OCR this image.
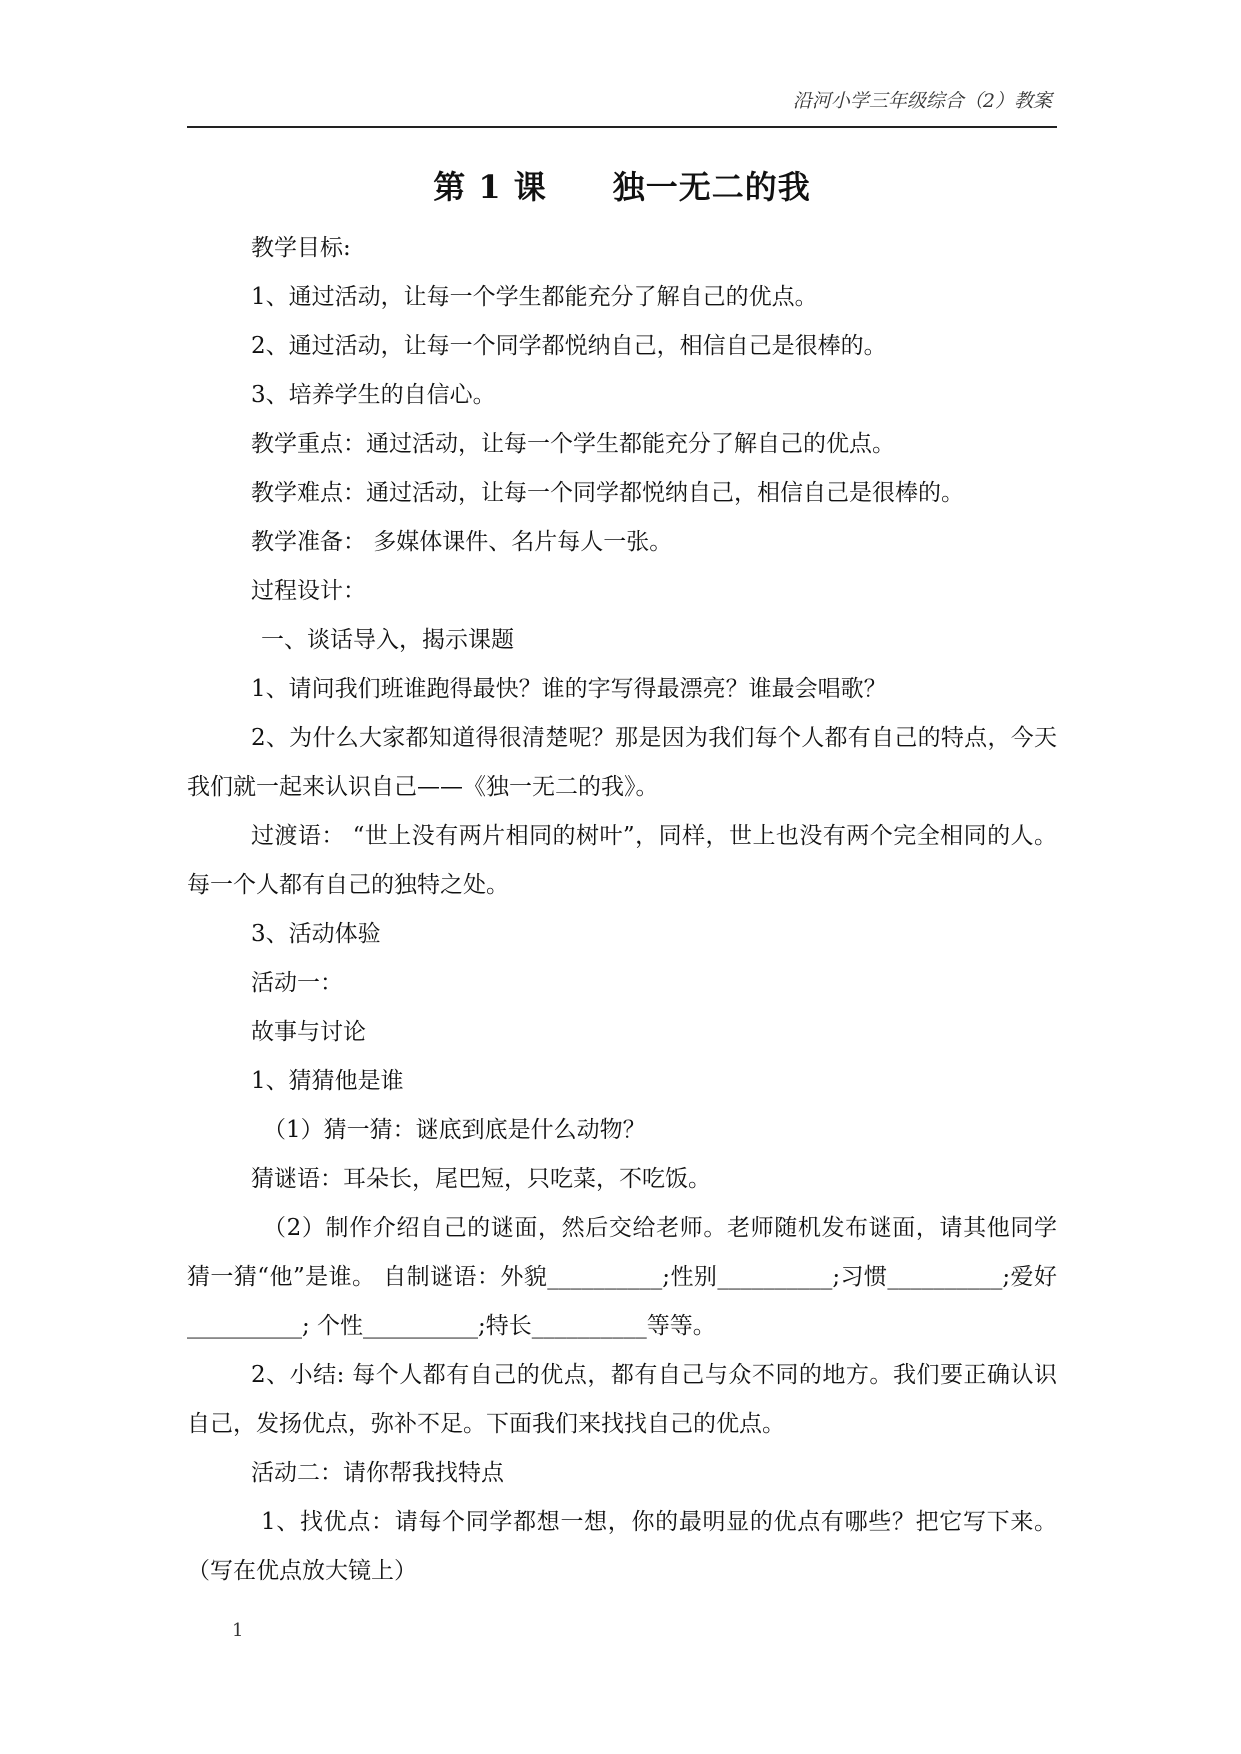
沿河小学三年级综合（2）教案
第 1 课　　独一无二的我

教学目标:

1、通过活动，让每一个学生都能充分了解自己的优点。

2、通过活动，让每一个同学都悦纳自己，相信自己是很棒的。

3、培养学生的自信心。

教学重点：通过活动，让每一个学生都能充分了解自己的优点。

教学难点：通过活动，让每一个同学都悦纳自己，相信自己是很棒的。

教学准备： 多媒体课件、名片每人一张。

过程设计：

一、谈话导入，揭示课题

1、请问我们班谁跑得最快？谁的字写得最漂亮？谁最会唱歌？

2、为什么大家都知道得很清楚呢？那是因为我们每个人都有自己的特点，今天我们就一起来认识自己——《独一无二的我》。

过渡语： “世上没有两片相同的树叶”，同样，世上也没有两个完全相同的人。每一个人都有自己的独特之处。

3、活动体验

活动一：

故事与讨论

1、猜猜他是谁

（1）猜一猜：谜底到底是什么动物？

猜谜语：耳朵长，尾巴短，只吃菜，不吃饭。

（2）制作介绍自己的谜面，然后交给老师。老师随机发布谜面，请其他同学猜一猜“他”是谁。 自制谜语：外貌__________;性别__________;习惯__________;爱好__________; 个性__________;特长__________等等。

2、小结: 每个人都有自己的优点，都有自己与众不同的地方。我们要正确认识自己，发扬优点，弥补不足。下面我们来找找自己的优点。

活动二：请你帮我找特点

1、找优点：请每个同学都想一想，你的最明显的优点有哪些？把它写下来。 （写在优点放大镜上）

1
